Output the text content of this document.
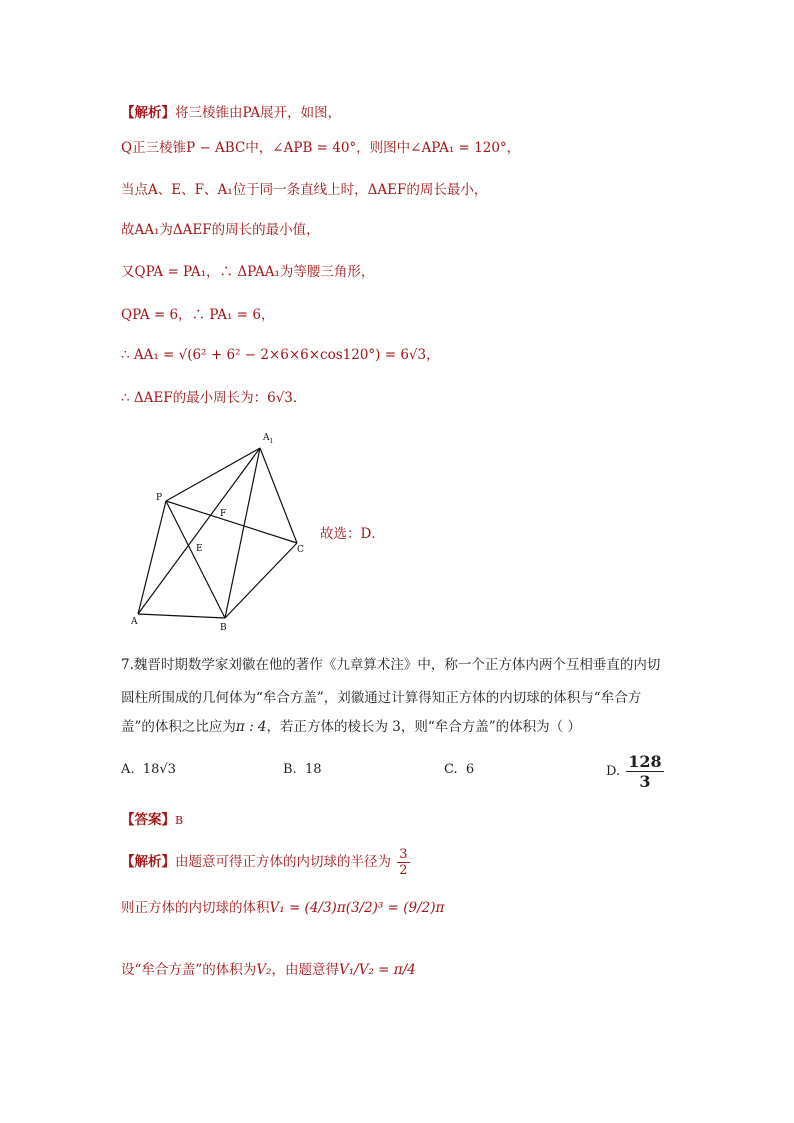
【解析】将三棱锥由PA展开，如图，
Q正三棱锥P − ABC中，∠APB = 40°，则图中∠APA₁ = 120°，
当点A、E、F、A₁位于同一条直线上时，ΔAEF的周长最小，
故AA₁为ΔAEF的周长的最小值，
又QPA = PA₁，∴ ΔPAA₁为等腰三角形，
QPA = 6，∴ PA₁ = 6，
∴ AA₁ = √(6² + 6² − 2×6×6×cos120°) = 6√3，
∴ ΔAEF的最小周长为：6√3．
$A_1$
P
F
E	C
A
B
故选：D．
7.魏晋时期数学家刘徽在他的著作《九章算术注》中，称一个正方体内两个互相垂直的内切
圆柱所围成的几何体为“牟合方盖”，刘徽通过计算得知正方体的内切球的体积与“牟合方
盖”的体积之比应为π : 4，若正方体的棱长为 3，则“牟合方盖”的体积为（ ）
A. 18√3	B. 18	C. 6	D. $\frac{128}{3}$
【答案】B
【解析】由题意可得正方体的内切球的半径为 $\frac{3}{2}$
则正方体的内切球的体积V₁ = (4/3)π(3/2)³ = (9/2)π
设“牟合方盖”的体积为V₂，由题意得V₁/V₂ = π/4
